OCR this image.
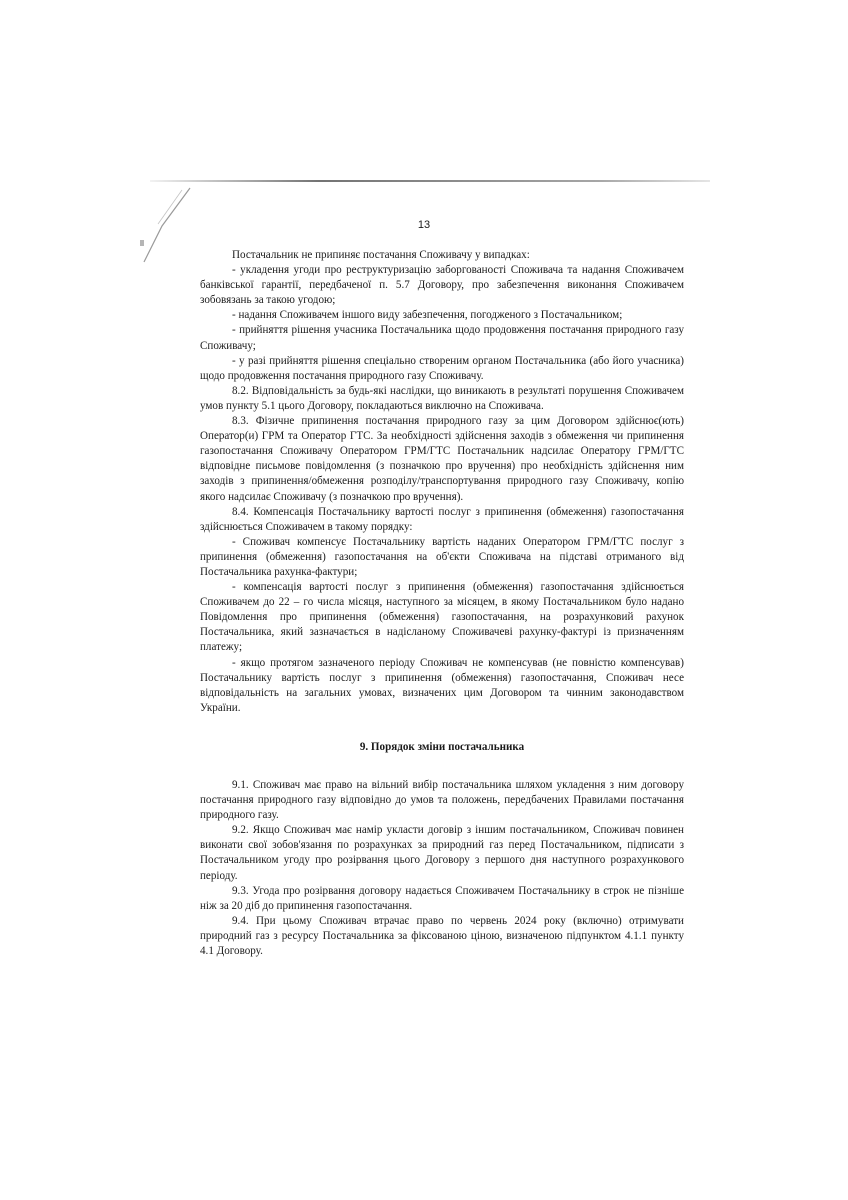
13

Постачальник не припиняє постачання Споживачу у випадках:

- укладення угоди про реструктуризацію заборгованості Споживача та надання Споживачем банківської гарантії, передбаченої п. 5.7 Договору, про забезпечення виконання Споживачем зобовязань за такою угодою;

- надання Споживачем іншого виду забезпечення, погодженого з Постачальником;

- прийняття рішення учасника Постачальника щодо продовження постачання природного газу Споживачу;

- у разі прийняття рішення спеціально створеним органом Постачальника (або його учасника) щодо продовження постачання природного газу Споживачу.

8.2. Відповідальність за будь-які наслідки, що виникають в результаті порушення Споживачем умов пункту 5.1 цього Договору, покладаються виключно на Споживача.

8.3. Фізичне припинення постачання природного газу за цим Договором здійснює(ють) Оператор(и) ГРМ та Оператор ГТС. За необхідності здійснення заходів з обмеження чи припинення газопостачання Споживачу Оператором ГРМ/ГТС Постачальник надсилає Оператору ГРМ/ГТС відповідне письмове повідомлення (з позначкою про вручення) про необхідність здійснення ним заходів з припинення/обмеження розподілу/транспортування природного газу Споживачу, копію якого надсилає Споживачу (з позначкою про вручення).

8.4. Компенсація Постачальнику вартості послуг з припинення (обмеження) газопостачання здійснюється Споживачем в такому порядку:

- Споживач компенсує Постачальнику вартість наданих Оператором ГРМ/ГТС послуг з припинення (обмеження) газопостачання на об'єкти Споживача на підставі отриманого від Постачальника рахунка-фактури;

- компенсація вартості послуг з припинення (обмеження) газопостачання здійснюється Споживачем до 22 – го числа місяця, наступного за місяцем, в якому Постачальником було надано Повідомлення про припинення (обмеження) газопостачання, на розрахунковий рахунок Постачальника, який зазначається в надісланому Споживачеві рахунку-фактурі із призначенням платежу;

- якщо протягом зазначеного періоду Споживач не компенсував (не повністю компенсував) Постачальнику вартість послуг з припинення (обмеження) газопостачання, Споживач несе відповідальність на загальних умовах, визначених цим Договором та чинним законодавством України.

9. Порядок зміни постачальника

9.1. Споживач має право на вільний вибір постачальника шляхом укладення з ним договору постачання природного газу відповідно до умов та положень, передбачених Правилами постачання природного газу.

9.2. Якщо Споживач має намір укласти договір з іншим постачальником, Споживач повинен виконати свої зобов'язання по розрахунках за природний газ перед Постачальником, підписати з Постачальником угоду про розірвання цього Договору з першого дня наступного розрахункового періоду.

9.3. Угода про розірвання договору надається Споживачем Постачальнику в строк не пізніше ніж за 20 діб до припинення газопостачання.

9.4. При цьому Споживач втрачає право по червень 2024 року (включно) отримувати природний газ з ресурсу Постачальника за фіксованою ціною, визначеною підпунктом 4.1.1 пункту 4.1 Договору.
